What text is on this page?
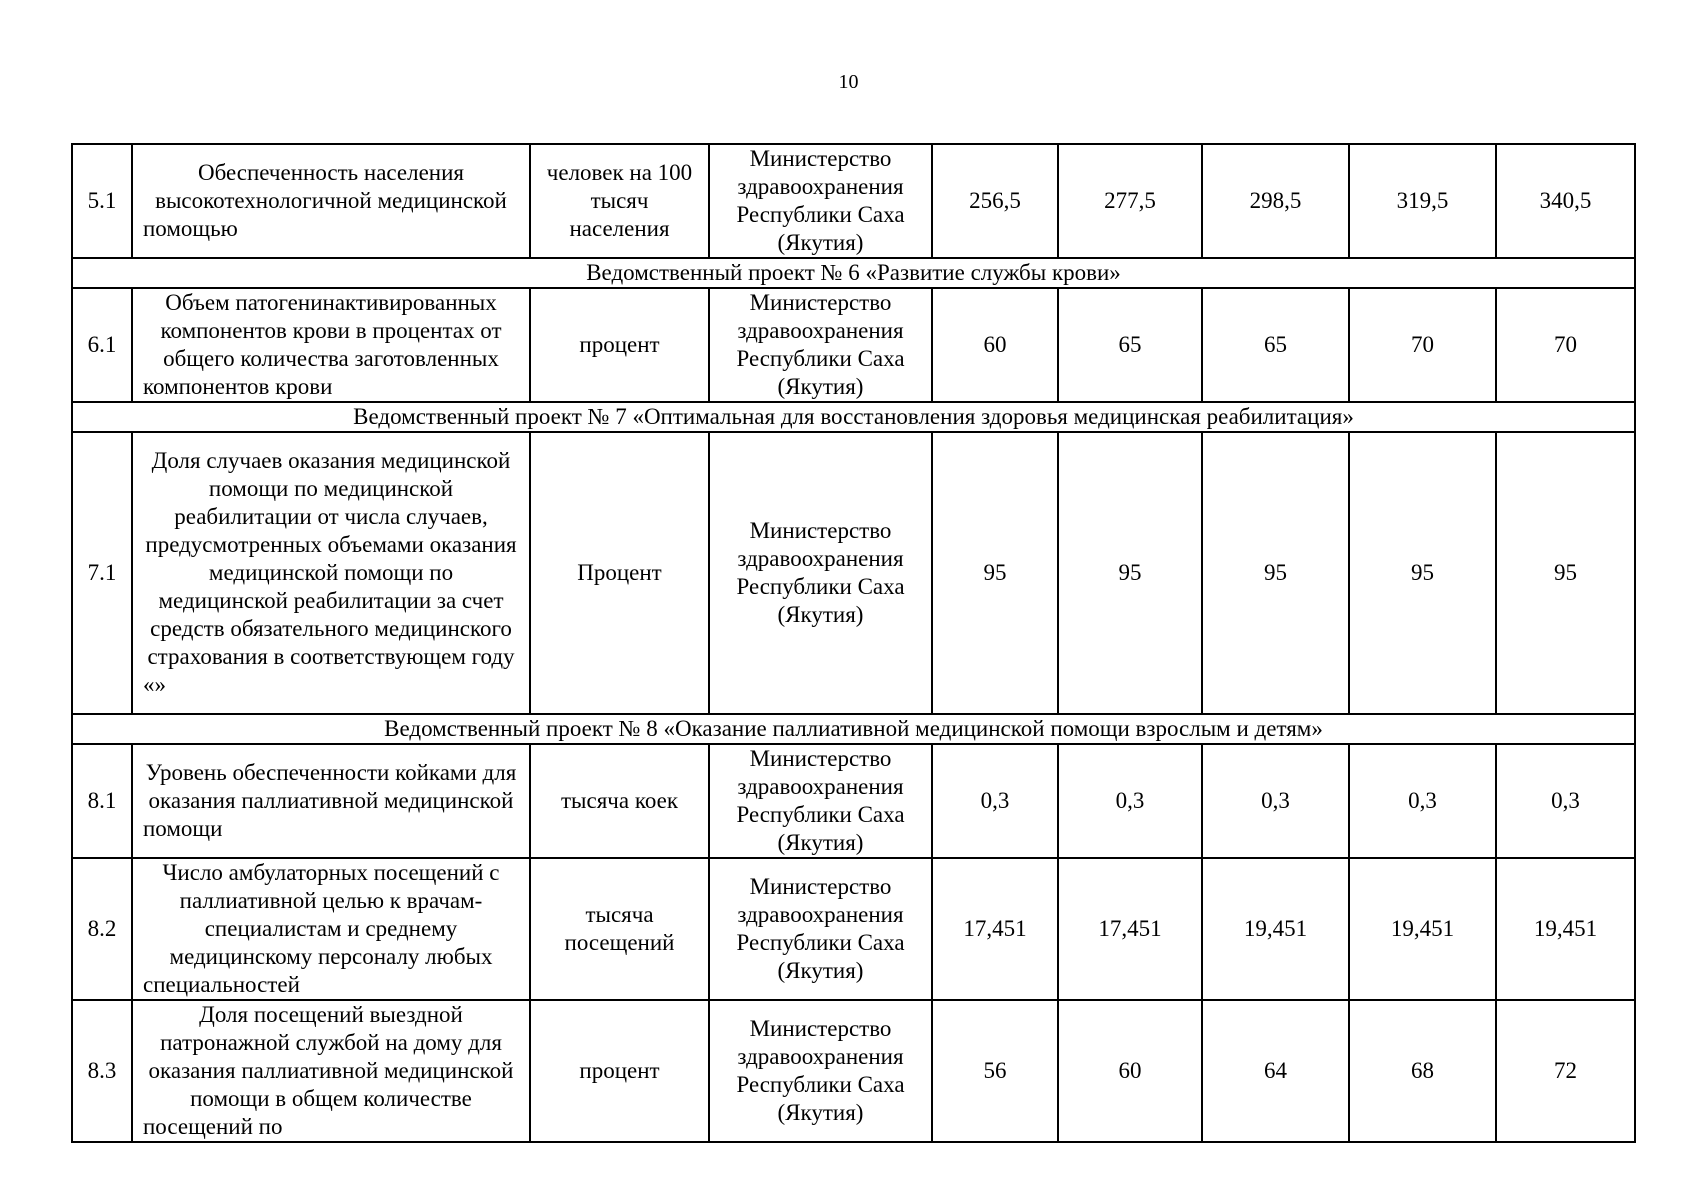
10
5.1	Обеспеченность населения высокотехнологичной медицинской помощью	человек на 100 тысяч населения	Министерство здравоохранения Республики Саха (Якутия)	256,5	277,5	298,5	319,5	340,5
Ведомственный проект № 6 «Развитие службы крови»								
6.1	Объем патогенинактивированных компонентов крови в процентах от общего количества заготовленных компонентов крови	процент	Министерство здравоохранения Республики Саха (Якутия)	60	65	65	70	70
Ведомственный проект № 7 «Оптимальная для восстановления здоровья медицинская реабилитация»								
7.1	Доля случаев оказания медицинской помощи по медицинской реабилитации от числа случаев, предусмотренных объемами оказания медицинской помощи по медицинской реабилитации за счет средств обязательного медицинского страхования в соответствующем году «»	Процент	Министерство здравоохранения Республики Саха (Якутия)	95	95	95	95	95
Ведомственный проект № 8 «Оказание паллиативной медицинской помощи взрослым и детям»								
8.1	Уровень обеспеченности койками для оказания паллиативной медицинской помощи	тысяча коек	Министерство здравоохранения Республики Саха (Якутия)	0,3	0,3	0,3	0,3	0,3
8.2	Число амбулаторных посещений с паллиативной целью к врачам-специалистам и среднему медицинскому персоналу любых специальностей	тысяча посещений	Министерство здравоохранения Республики Саха (Якутия)	17,451	17,451	19,451	19,451	19,451
8.3	Доля посещений выездной патронажной службой на дому для оказания паллиативной медицинской помощи в общем количестве посещений по	процент	Министерство здравоохранения Республики Саха (Якутия)	56	60	64	68	72
